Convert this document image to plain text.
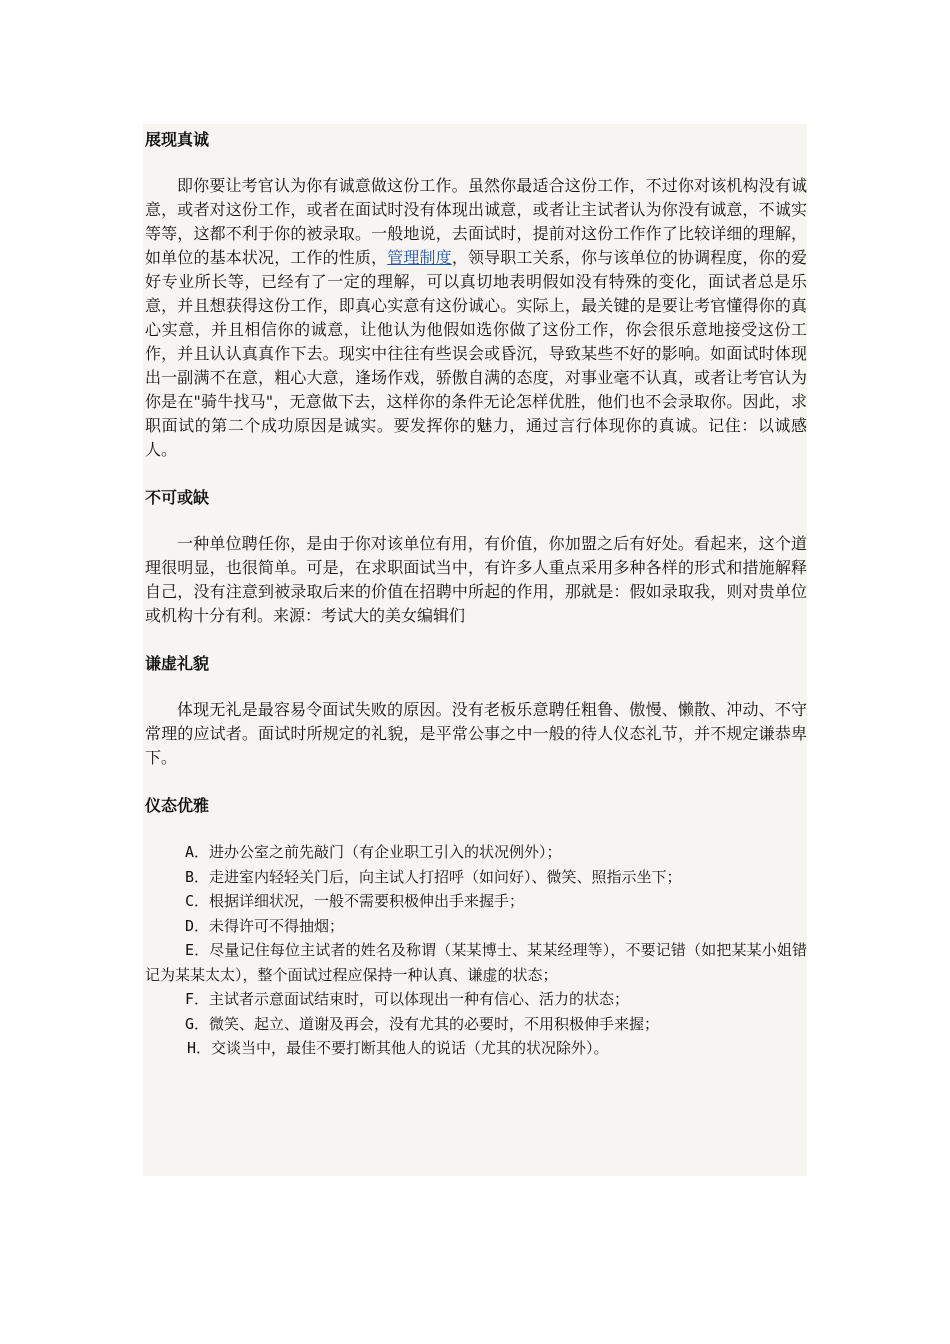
展现真诚

即你要让考官认为你有诚意做这份工作。虽然你最适合这份工作，不过你对该机构没有诚意，或者对这份工作，或者在面试时没有体现出诚意，或者让主试者认为你没有诚意，不诚实等等，这都不利于你的被录取。一般地说，去面试时，提前对这份工作作了比较详细的理解，如单位的基本状况，工作的性质，管理制度，领导职工关系，你与该单位的协调程度，你的爱好专业所长等，已经有了一定的理解，可以真切地表明假如没有特殊的变化，面试者总是乐意，并且想获得这份工作，即真心实意有这份诚心。实际上，最关键的是要让考官懂得你的真心实意，并且相信你的诚意，让他认为他假如选你做了这份工作，你会很乐意地接受这份工作，并且认认真真作下去。现实中往往有些误会或昏沉，导致某些不好的影响。如面试时体现出一副满不在意，粗心大意，逢场作戏，骄傲自满的态度，对事业毫不认真，或者让考官认为你是在"骑牛找马"，无意做下去，这样你的条件无论怎样优胜，他们也不会录取你。因此，求职面试的第二个成功原因是诚实。要发挥你的魅力，通过言行体现你的真诚。记住：以诚感人。

不可或缺

一种单位聘任你，是由于你对该单位有用，有价值，你加盟之后有好处。看起来，这个道理很明显，也很简单。可是，在求职面试当中，有许多人重点采用多种各样的形式和措施解释自己，没有注意到被录取后来的价值在招聘中所起的作用，那就是：假如录取我，则对贵单位或机构十分有利。来源：考试大的美女编辑们

谦虚礼貌

体现无礼是最容易令面试失败的原因。没有老板乐意聘任粗鲁、傲慢、懒散、冲动、不守常理的应试者。面试时所规定的礼貌，是平常公事之中一般的待人仪态礼节，并不规定谦恭卑下。

仪态优雅

A．进办公室之前先敲门（有企业职工引入的状况例外）；

B．走进室内轻轻关门后，向主试人打招呼（如问好）、微笑、照指示坐下；

C．根据详细状况，一般不需要积极伸出手来握手；

D．未得许可不得抽烟；

E．尽量记住每位主试者的姓名及称谓（某某博士、某某经理等），不要记错（如把某某小姐错记为某某太太），整个面试过程应保持一种认真、谦虚的状态；

F．主试者示意面试结束时，可以体现出一种有信心、活力的状态；

G．微笑、起立、道谢及再会，没有尤其的必要时，不用积极伸手来握；

H．交谈当中，最佳不要打断其他人的说话（尤其的状况除外）。
